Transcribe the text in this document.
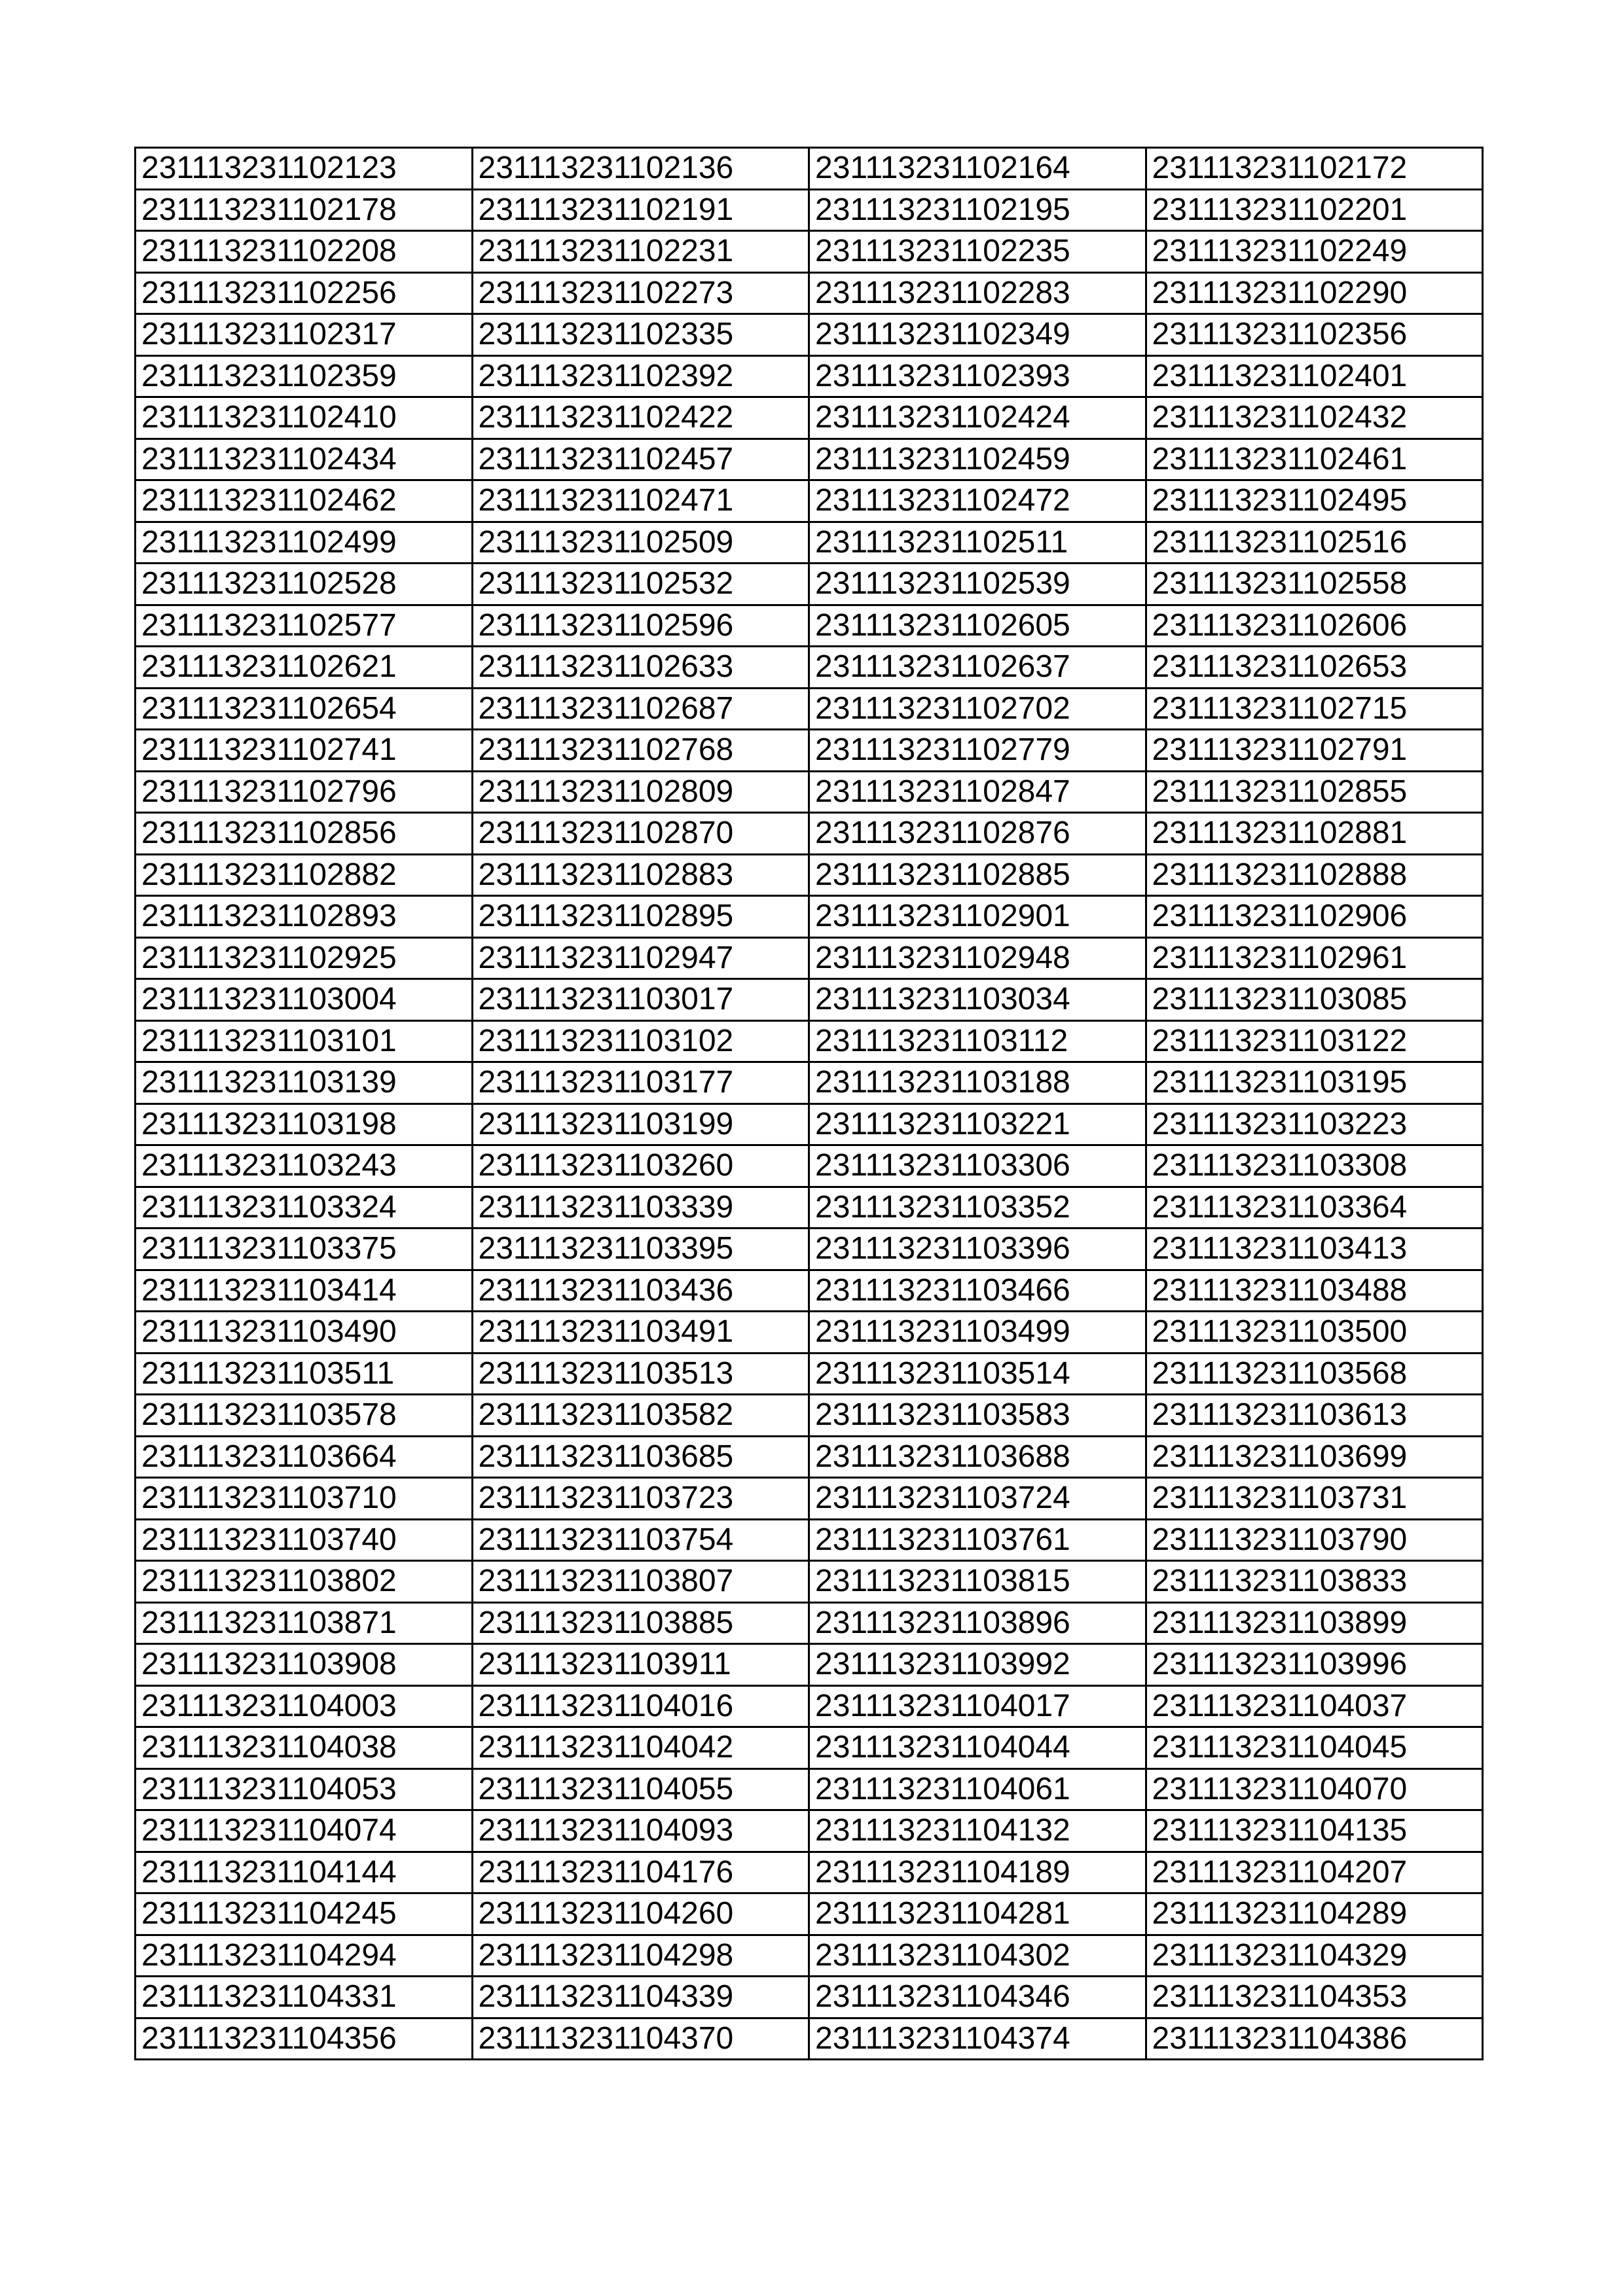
231113231102123	231113231102136	231113231102164	231113231102172
231113231102178	231113231102191	231113231102195	231113231102201
231113231102208	231113231102231	231113231102235	231113231102249
231113231102256	231113231102273	231113231102283	231113231102290
231113231102317	231113231102335	231113231102349	231113231102356
231113231102359	231113231102392	231113231102393	231113231102401
231113231102410	231113231102422	231113231102424	231113231102432
231113231102434	231113231102457	231113231102459	231113231102461
231113231102462	231113231102471	231113231102472	231113231102495
231113231102499	231113231102509	231113231102511	231113231102516
231113231102528	231113231102532	231113231102539	231113231102558
231113231102577	231113231102596	231113231102605	231113231102606
231113231102621	231113231102633	231113231102637	231113231102653
231113231102654	231113231102687	231113231102702	231113231102715
231113231102741	231113231102768	231113231102779	231113231102791
231113231102796	231113231102809	231113231102847	231113231102855
231113231102856	231113231102870	231113231102876	231113231102881
231113231102882	231113231102883	231113231102885	231113231102888
231113231102893	231113231102895	231113231102901	231113231102906
231113231102925	231113231102947	231113231102948	231113231102961
231113231103004	231113231103017	231113231103034	231113231103085
231113231103101	231113231103102	231113231103112	231113231103122
231113231103139	231113231103177	231113231103188	231113231103195
231113231103198	231113231103199	231113231103221	231113231103223
231113231103243	231113231103260	231113231103306	231113231103308
231113231103324	231113231103339	231113231103352	231113231103364
231113231103375	231113231103395	231113231103396	231113231103413
231113231103414	231113231103436	231113231103466	231113231103488
231113231103490	231113231103491	231113231103499	231113231103500
231113231103511	231113231103513	231113231103514	231113231103568
231113231103578	231113231103582	231113231103583	231113231103613
231113231103664	231113231103685	231113231103688	231113231103699
231113231103710	231113231103723	231113231103724	231113231103731
231113231103740	231113231103754	231113231103761	231113231103790
231113231103802	231113231103807	231113231103815	231113231103833
231113231103871	231113231103885	231113231103896	231113231103899
231113231103908	231113231103911	231113231103992	231113231103996
231113231104003	231113231104016	231113231104017	231113231104037
231113231104038	231113231104042	231113231104044	231113231104045
231113231104053	231113231104055	231113231104061	231113231104070
231113231104074	231113231104093	231113231104132	231113231104135
231113231104144	231113231104176	231113231104189	231113231104207
231113231104245	231113231104260	231113231104281	231113231104289
231113231104294	231113231104298	231113231104302	231113231104329
231113231104331	231113231104339	231113231104346	231113231104353
231113231104356	231113231104370	231113231104374	231113231104386
